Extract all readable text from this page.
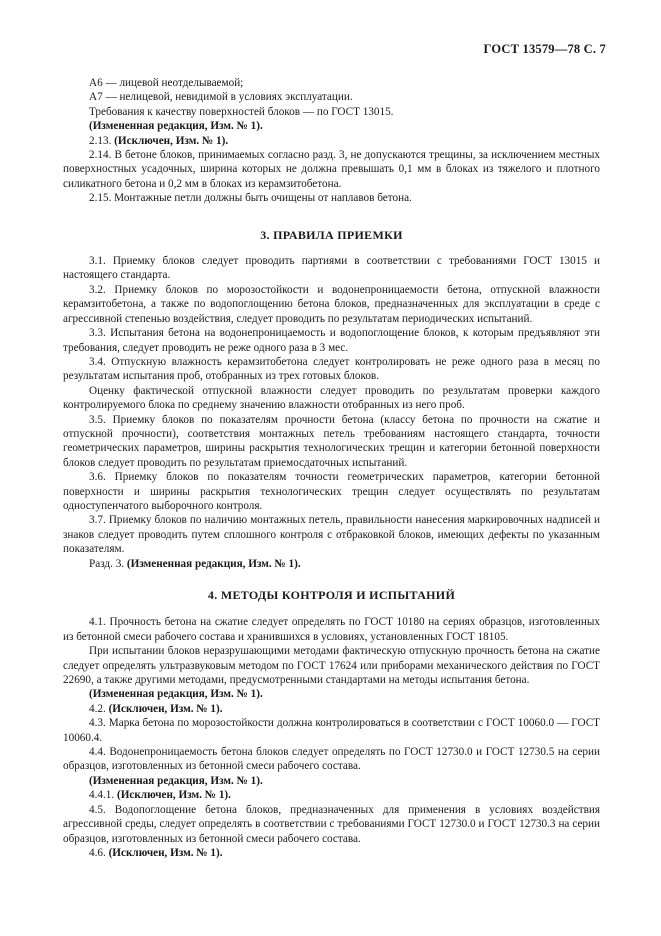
ГОСТ 13579—78 С. 7

А6 — лицевой неотделываемой;

А7 — нелицевой, невидимой в условиях эксплуатации.

Требования к качеству поверхностей блоков — по ГОСТ 13015.

(Измененная редакция, Изм. № 1).

2.13. (Исключен, Изм. № 1).

2.14. В бетоне блоков, принимаемых согласно разд. 3, не допускаются трещины, за исключением местных поверхностных усадочных, ширина которых не должна превышать 0,1 мм в блоках из тяжелого и плотного силикатного бетона и 0,2 мм в блоках из керамзитобетона.

2.15. Монтажные петли должны быть очищены от наплавов бетона.

3. ПРАВИЛА ПРИЕМКИ

3.1. Приемку блоков следует проводить партиями в соответствии с требованиями ГОСТ 13015 и настоящего стандарта.

3.2. Приемку блоков по морозостойкости и водонепроницаемости бетона, отпускной влажности керамзитобетона, а также по водопоглощению бетона блоков, предназначенных для эксплуатации в среде с агрессивной степенью воздействия, следует проводить по результатам периодических испытаний.

3.3. Испытания бетона на водонепроницаемость и водопоглощение блоков, к которым предъявляют эти требования, следует проводить не реже одного раза в 3 мес.

3.4. Отпускную влажность керамзитобетона следует контролировать не реже одного раза в месяц по результатам испытания проб, отобранных из трех готовых блоков.

Оценку фактической отпускной влажности следует проводить по результатам проверки каждого контролируемого блока по среднему значению влажности отобранных из него проб.

3.5. Приемку блоков по показателям прочности бетона (классу бетона по прочности на сжатие и отпускной прочности), соответствия монтажных петель требованиям настоящего стандарта, точности геометрических параметров, ширины раскрытия технологических трещин и категории бетонной поверхности блоков следует проводить по результатам приемосдаточных испытаний.

3.6. Приемку блоков по показателям точности геометрических параметров, категории бетонной поверхности и ширины раскрытия технологических трещин следует осуществлять по результатам одноступенчатого выборочного контроля.

3.7. Приемку блоков по наличию монтажных петель, правильности нанесения маркировочных надписей и знаков следует проводить путем сплошного контроля с отбраковкой блоков, имеющих дефекты по указанным показателям.

Разд. 3. (Измененная редакция, Изм. № 1).

4. МЕТОДЫ КОНТРОЛЯ И ИСПЫТАНИЙ

4.1. Прочность бетона на сжатие следует определять по ГОСТ 10180 на сериях образцов, изготовленных из бетонной смеси рабочего состава и хранившихся в условиях, установленных ГОСТ 18105.

При испытании блоков неразрушающими методами фактическую отпускную прочность бетона на сжатие следует определять ультразвуковым методом по ГОСТ 17624 или приборами механического действия по ГОСТ 22690, а также другими методами, предусмотренными стандартами на методы испытания бетона.

(Измененная редакция, Изм. № 1).

4.2. (Исключен, Изм. № 1).

4.3. Марка бетона по морозостойкости должна контролироваться в соответствии с ГОСТ 10060.0 — ГОСТ 10060.4.

4.4. Водонепроницаемость бетона блоков следует определять по ГОСТ 12730.0 и ГОСТ 12730.5 на серии образцов, изготовленных из бетонной смеси рабочего состава.

(Измененная редакция, Изм. № 1).

4.4.1. (Исключен, Изм. № 1).

4.5. Водопоглощение бетона блоков, предназначенных для применения в условиях воздействия агрессивной среды, следует определять в соответствии с требованиями ГОСТ 12730.0 и ГОСТ 12730.3 на серии образцов, изготовленных из бетонной смеси рабочего состава.

4.6. (Исключен, Изм. № 1).
